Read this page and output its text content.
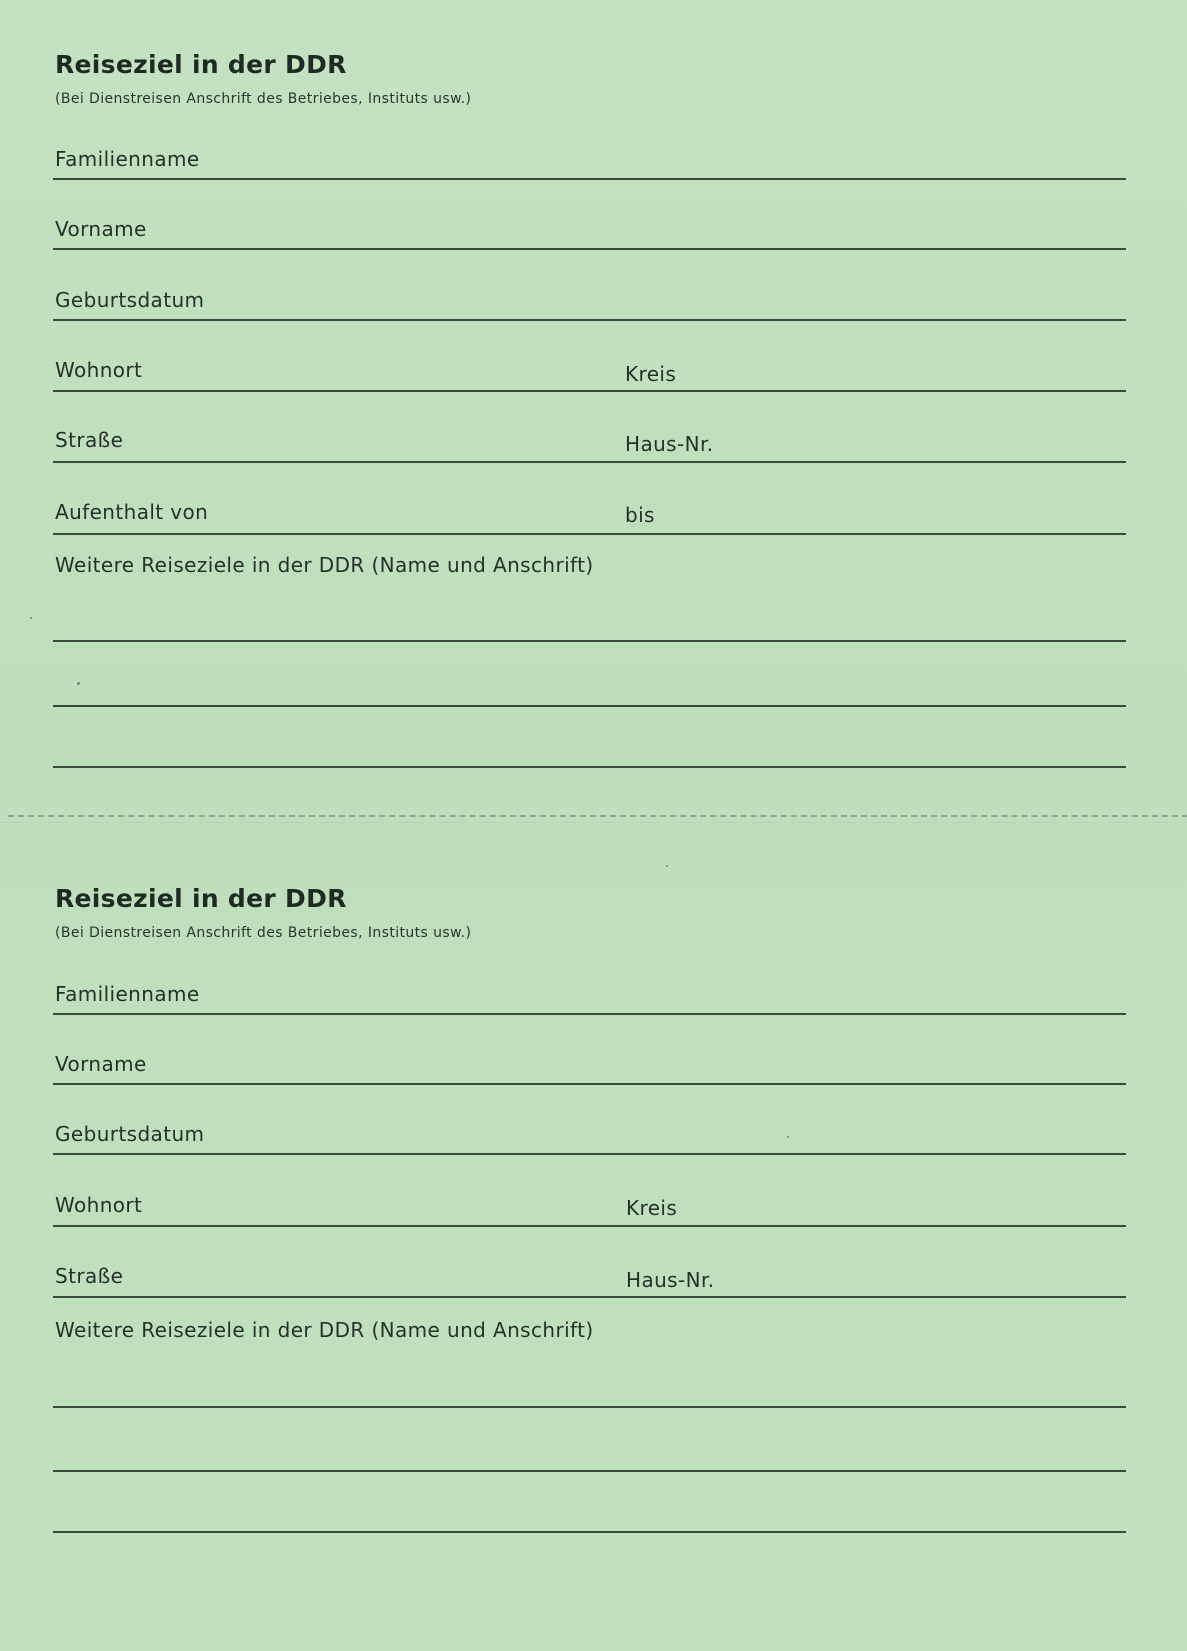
Reiseziel in der DDR
(Bei Dienstreisen Anschrift des Betriebes, Instituts usw.)
Familienname
Vorname
Geburtsdatum
Wohnort	Kreis
Straße	Haus-Nr.
Aufenthalt von	bis
Weitere Reiseziele in der DDR (Name und Anschrift)
Reiseziel in der DDR
(Bei Dienstreisen Anschrift des Betriebes, Instituts usw.)
Familienname
Vorname
Geburtsdatum
Wohnort	Kreis
Straße	Haus-Nr.
Weitere Reiseziele in der DDR (Name und Anschrift)
